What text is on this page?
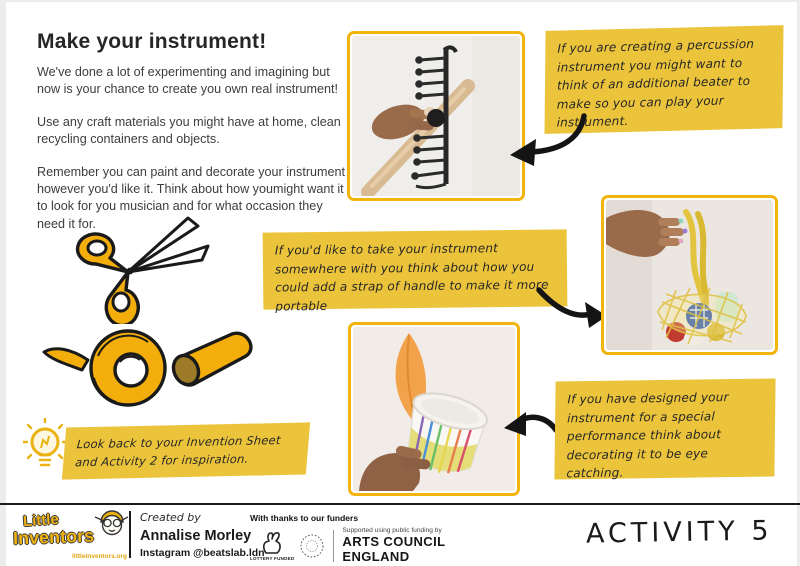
Make your instrument!

We've done a lot of experimenting and imagining but now is your chance to create you own real instrument!

Use any craft materials you might have at home, clean recycling containers and objects.

Remember you can paint and decorate your instrument however you'd like it. Think about how youmight want it to look for you musician and for what occasion they need it for.

If you are creating a percussion instrument you might want to think of an additional beater to make so you can play your instrument.
If you'd like to take your instrument somewhere with you think about how you could add a strap of handle to make it more portable
Look back to your Invention Sheet and Activity 2 for inspiration.
If you have designed your instrument for a special performance think about decorating it to be eye catching.
Little
Inventors
littleinventors.org
Created by
Annalise Morley
Instagram @beatslab.ldn
With thanks to our funders
LOTTERY FUNDED
Supported using public funding by
ARTS COUNCIL
ENGLAND
ACTIVITY 5
